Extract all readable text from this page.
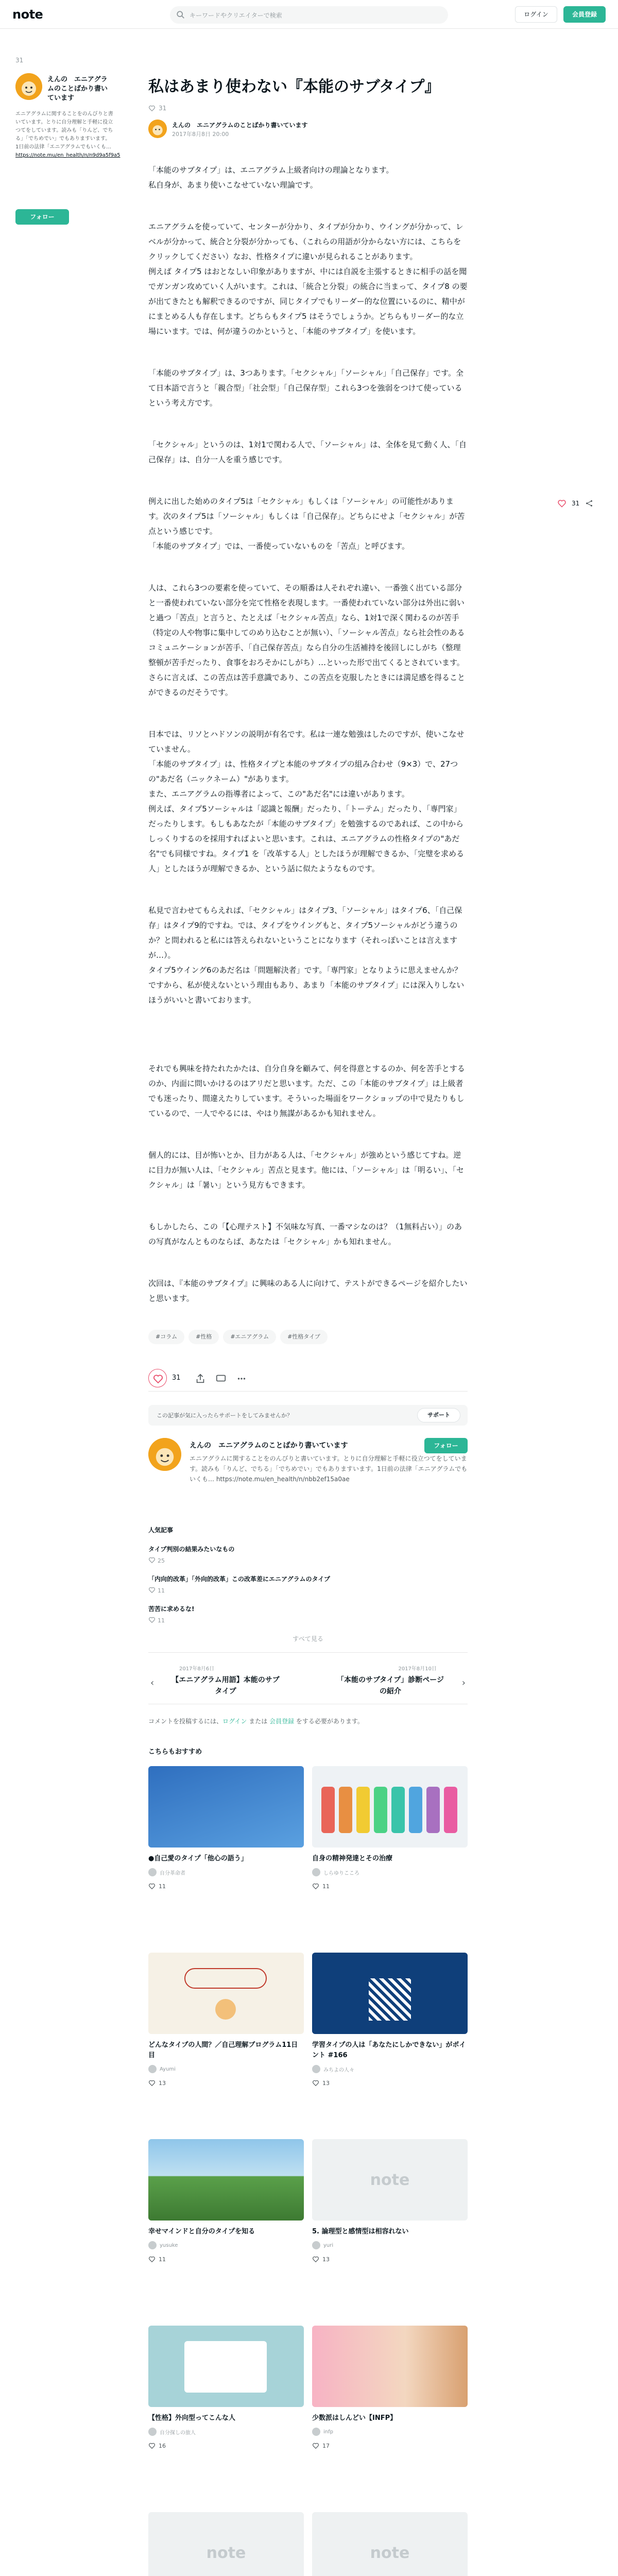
note	キーワードやクリエイターで検索	ログイン	会員登録
31
えんの　エニアグラムのことばかり書いています
エニアグラムに関することをのんびりと書いています。とりに自分理解と手軽に役立つてをしています。読みも「りんど、でちる」「でちめでい」でもありますいます。1日前の法律「エニアグラムでもいくも… https://note.mu/en_health/n/n9d9a5f9a5
フォロー
31
私はあまり使わない『本能のサブタイプ』
31
えんの　エニアグラムのことばかり書いています
2017年8月8日 20:00

「本能のサブタイプ」は、エニアグラム上級者向けの理論となります。

私自身が、あまり使いこなせていない理論です。

エニアグラムを使っていて、センターが分かり、タイプが分かり、ウイングが分かって、レベルが分かって、統合と分裂が分かっても、（これらの用語が分からない方には、こちらをクリックしてください）なお、性格タイプに違いが見られることがあります。

例えば タイプ5 はおとなしい印象がありますが、中には自説を主張するときに相手の話を聞でガンガン攻めていく人がいます。これは、「統合と分裂」の統合に当まって、タイプ8 の要が出てきたとも解釈できるのですが、同じタイプでもリーダー的な位置にいるのに、精中がにまとめる人も存在します。どちらもタイプ5 はそうでしょうか。どちらもリーダー的な立場にいます。では、何が違うのかというと、「本能のサブタイプ」を使います。

「本能のサブタイプ」は、3つあります。「セクシャル」「ソーシャル」「自己保存」です。全て日本語で言うと「親合型」「社会型」「自己保存型」これら3つを強弱をつけて使っているという考え方です。

「セクシャル」というのは、1対1で関わる人で、「ソーシャル」は、全体を見て動く人、「自己保存」は、自分一人を重う感じです。

例えに出した始めのタイプ5は「セクシャル」もしくは「ソーシャル」の可能性があります。次のタイプ5は「ソーシャル」もしくは「自己保存」。どちらにせよ「セクシャル」が苦点という感じです。

「本能のサブタイプ」では、一番使っていないものを「苦点」と呼びます。

人は、これら3つの要素を使っていて、その順番は人それぞれ違い、一番強く出ている部分と一番使われていない部分を完て性格を表現します。一番使われていない部分は外出に弱いと過つ「苦点」と言うと、たとえば「セクシャル苦点」なら、1対1で深く関わるのが苦手（特定の人や物事に集中してのめり込むことが無い）、「ソーシャル苦点」なら社会性のあるコミュニケーションが苦手、「自己保存苦点」なら自分の生活補持を後回しにしがち（整理整頓が苦手だったり、食事をおろそかにしがち）…といった形で出てくるとされています。さらに言えば、この苦点は苦手意識であり、この苦点を克服したときには満足感を得ることができるのだそうです。

日本では、リソとハドソンの説明が有名です。私は一連な勉強はしたのですが、使いこなせていません。

「本能のサブタイプ」は、性格タイプと本能のサブタイプの組み合わせ（9×3）で、27つの"あだ名（ニックネーム）"があります。

また、エニアグラムの指導者によって、この"あだ名"には違いがあります。

例えば、タイプ5ソーシャルは「認識と報酬」だったり、「トーテム」だったり、「専門家」だったりします。もしもあなたが「本能のサブタイプ」を勉強するのであれば、この中から しっくりするのを採用すればよいと思います。これは、エニアグラムの性格タイプの"あだ名"でも同様ですね。タイプ1 を「改革する人」としたほうが理解できるか、「完璧を求める人」としたほうが理解できるか、という話に似たようなものです。

私見で言わせてもらえれば、「セクシャル」はタイプ3、「ソーシャル」はタイプ6、「自己保存」はタイプ9的ですね。では、タイプをウイングもと、タイプ5ソーシャルがどう違うのか？と問われると私には答えられないということになります（それっぽいことは言えますが…）。

タイプ5ウイング6のあだ名は「問題解決者」です。「専門家」となりように思えませんか？

ですから、私が使えないという理由もあり、あまり「本能のサブタイプ」には深入りしないほうがいいと書いております。

それでも興味を持たれたかたは、自分自身を顧みて、何を得意とするのか、何を苦手とするのか、内面に問いかけるのはアリだと思います。ただ、この「本能のサブタイプ」は上級者でも迷ったり、間違えたりしています。そういった場面をワークショップの中で見たりもしているので、一人でやるには、やはり無謀があるかも知れません。

個人的には、目が怖いとか、目力がある人は、「セクシャル」が強めという感じてすね。逆に目力が無い人は、「セクシャル」苦点と見ます。他には、「ソーシャル」は「明るい」、「セクシャル」は「暑い」という見方もできます。

もしかしたら、この「【心理テスト】不気味な写真、一番マシなのは？（1無料占い）」のあの写真がなんとものならば、あなたは「セクシャル」かも知れません。

次回は、『本能のサブタイプ』に興味のある人に向けて、テストができるページを紹介したいと思います。

#コラム	#性格	#エニアグラム	#性格タイプ
31
この記事が気に入ったらサポートをしてみませんか？	サポート
えんの　エニアグラムのことばかり書いています	フォロー
エニアグラムに関することをのんびりと書いています。とりに自分理解と手軽に役立つてをしています。読みも「りんど、でちる」「でちめでい」でもありますいます。1日前の法律「エニアグラムでもいくも… https://note.mu/en_health/n/nbb2ef15a0ae
人気記事
タイプ判別の結果みたいなもの
25
「内向的改革」「外向的改革」この改革差にエニアグラムのタイプ
11
苦苦に求めるな!
11
すべて見る
‹
2017年8月6日
【エニアグラム用語】本能のサブタイプ
2017年8月10日
「本能のサブタイプ」診断ページの紹介
›
コメントを投稿するには、ログイン または 会員登録 をする必要があります。
こちらもおすすめ
●自己愛のタイプ「他心の語う」
自分革命者
11
自身の精神発達とその治療
しらゆりこころ
11
どんなタイプの人間？／自己理解ブログラム11日目
Ayumi
13
学習タイプの人は「あなたにしかできない」がポイント #166
みちよの人々
13
幸せマインドと自分のタイプを知る
yusuke
11
note
5. 論理型と感情型は相容れない
yuri
13
【性格】外向型ってこんな人
自分探しの旅人
16
少数派はしんどい【INFP】
infp
17
note	note
